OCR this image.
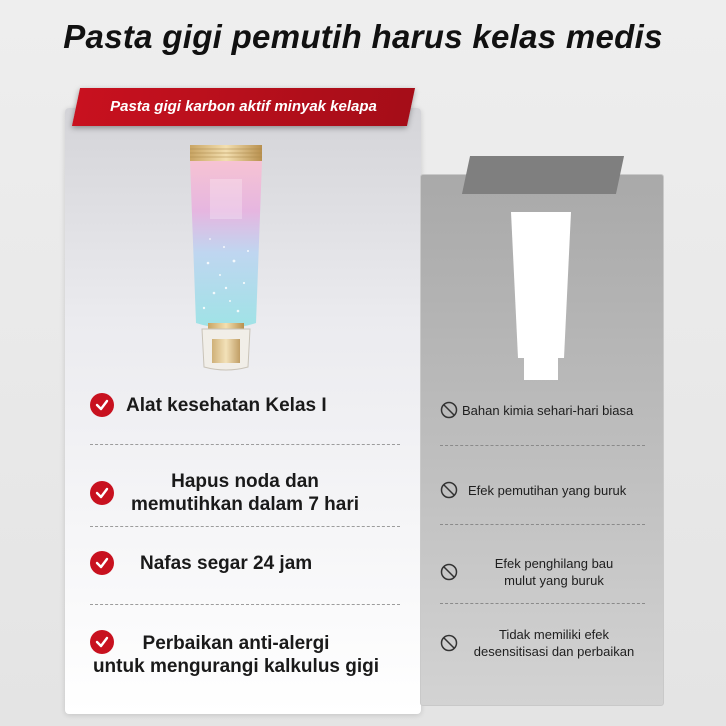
Pasta gigi pemutih harus kelas medis
Pasta gigi karbon aktif minyak kelapa
Alat kesehatan Kelas I
Hapus noda dan
memutihkan dalam 7 hari
Nafas segar 24 jam
Perbaikan anti-alergi
untuk mengurangi kalkulus gigi
Bahan kimia sehari-hari biasa
Efek pemutihan yang buruk
Efek penghilang bau
mulut yang buruk
Tidak memiliki efek
desensitisasi dan perbaikan
